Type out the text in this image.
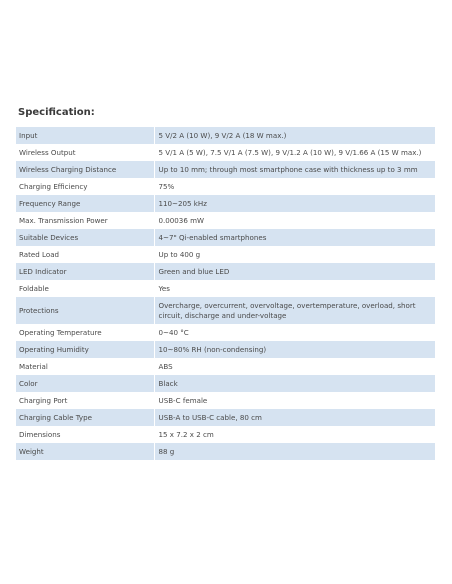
Specification:
Input	5 V/2 A (10 W), 9 V/2 A (18 W max.)
Wireless Output	5 V/1 A (5 W), 7.5 V/1 A (7.5 W), 9 V/1.2 A (10 W), 9 V/1.66 A (15 W max.)
Wireless Charging Distance	Up to 10 mm; through most smartphone case with thickness up to 3 mm
Charging Efficiency	75%
Frequency Range	110~205 kHz
Max. Transmission Power	0.00036 mW
Suitable Devices	4~7" Qi-enabled smartphones
Rated Load	Up to 400 g
LED Indicator	Green and blue LED
Foldable	Yes
Protections	Overcharge, overcurrent, overvoltage, overtemperature, overload, short circuit, discharge and under-voltage
Operating Temperature	0~40 °C
Operating Humidity	10~80% RH (non-condensing)
Material	ABS
Color	Black
Charging Port	USB-C female
Charging Cable Type	USB-A to USB-C cable, 80 cm
Dimensions	15 x 7.2 x 2 cm
Weight	88 g
